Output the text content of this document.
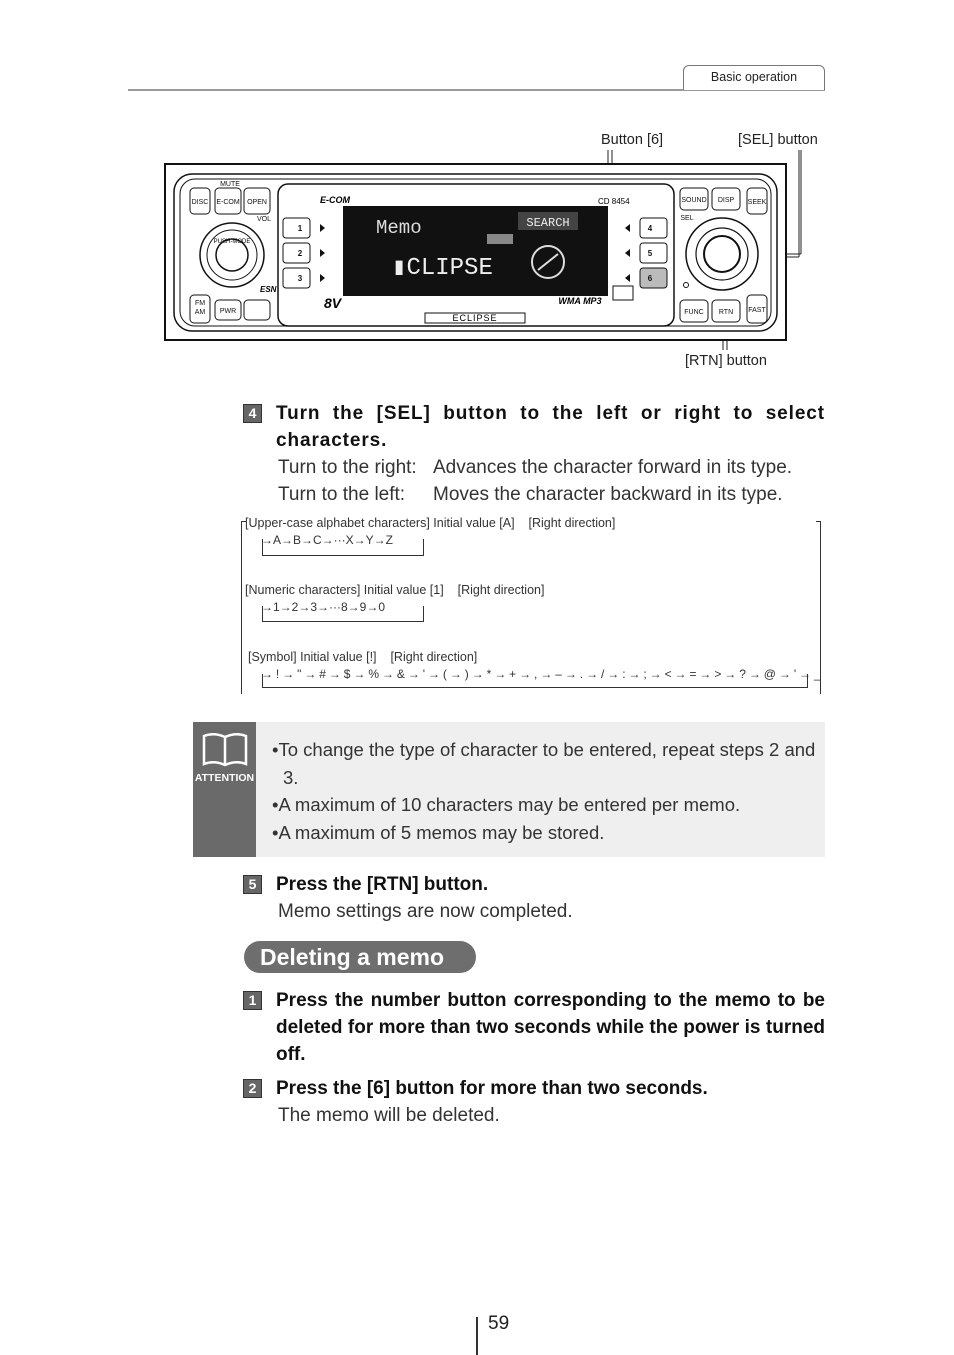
Basic operation
Button [6]	[SEL] button
[RTN] button
DISC E-COM OPEN
FM
AM PWR
MUTE
VOL
SEEK
FAST
PUSH-MODE
ESN
1
2
3
4
5
6
E-COM	CD 8454
Memo	SEARCH
▮CLIPSE
8V	WMA MP3
ECLIPSE
SOUND DISP
SEL
FUNC RTN
4 Turn the [SEL] button to the left or right to select characters.
Turn to the right: Advances the character forward in its type.
Turn to the left:	Moves the character backward in its type.
[Upper-case alphabet characters] Initial value [A] [Right direction]
→A→B→C→···X→Y→Z
[Numeric characters] Initial value [1] [Right direction]
→1→2→3→···8→9→0
[Symbol] Initial value [!] [Right direction]
→ ! → " → # → $ → % → & → ' → ( → ) → * → + → , → – → . → / → : → ; → < → = → > → ? → @ → ' → _
ATTENTION
•To change the type of character to be entered, repeat steps 2 and 3.
•A maximum of 10 characters may be entered per memo.
•A maximum of 5 memos may be stored.
5 Press the [RTN] button.
Memo settings are now completed.
Deleting a memo
1 Press the number button corresponding to the memo to be deleted for more than two seconds while the power is turned off.
2 Press the [6] button for more than two seconds.
The memo will be deleted.
59
